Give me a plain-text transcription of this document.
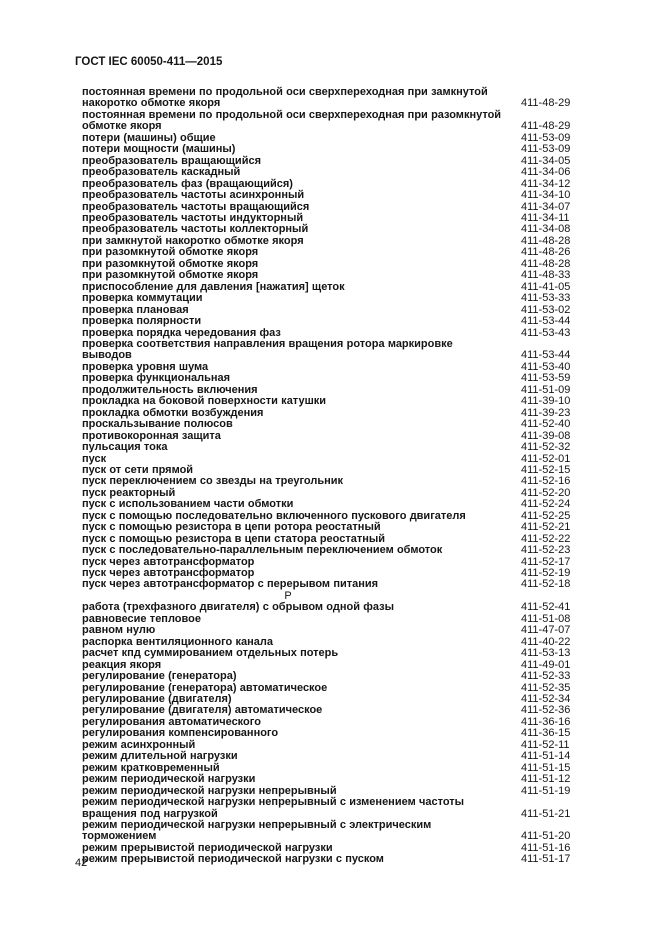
ГОСТ IEC 60050-411—2015
постоянная времени по продольной оси сверхпереходная при замкнутой накоротко обмотке якоря	411-48-29
постоянная времени по продольной оси сверхпереходная при разомкнутой обмотке якоря	411-48-29
потери (машины) общие	411-53-09
потери мощности (машины)	411-53-09
преобразователь вращающийся	411-34-05
преобразователь каскадный	411-34-06
преобразователь фаз (вращающийся)	411-34-12
преобразователь частоты асинхронный	411-34-10
преобразователь частоты вращающийся	411-34-07
преобразователь частоты индукторный	411-34-11
преобразователь частоты коллекторный	411-34-08
при замкнутой накоротко обмотке якоря	411-48-28
при разомкнутой обмотке якоря	411-48-26
при разомкнутой обмотке якоря	411-48-28
при разомкнутой обмотке якоря	411-48-33
приспособление для давления [нажатия] щеток	411-41-05
проверка коммутации	411-53-33
проверка плановая	411-53-02
проверка полярности	411-53-44
проверка порядка чередования фаз	411-53-43
проверка соответствия направления вращения ротора маркировке выводов	411-53-44
проверка уровня шума	411-53-40
проверка функциональная	411-53-59
продолжительность включения	411-51-09
прокладка на боковой поверхности катушки	411-39-10
прокладка обмотки возбуждения	411-39-23
проскальзывание полюсов	411-52-40
противокоронная защита	411-39-08
пульсация тока	411-52-32
пуск	411-52-01
пуск от сети прямой	411-52-15
пуск переключением со звезды на треугольник	411-52-16
пуск реакторный	411-52-20
пуск с использованием части обмотки	411-52-24
пуск с помощью последовательно включенного пускового двигателя	411-52-25
пуск с помощью резистора в цепи ротора реостатный	411-52-21
пуск с помощью резистора в цепи статора реостатный	411-52-22
пуск с последовательно-параллельным переключением обмоток	411-52-23
пуск через автотрансформатор	411-52-17
пуск через автотрансформатор	411-52-19
пуск через автотрансформатор с перерывом питания	411-52-18
Р
работа (трехфазного двигателя) с обрывом одной фазы	411-52-41
равновесие тепловое	411-51-08
равном нулю	411-47-07
распорка вентиляционного канала	411-40-22
расчет кпд суммированием отдельных потерь	411-53-13
реакция якоря	411-49-01
регулирование (генератора)	411-52-33
регулирование (генератора) автоматическое	411-52-35
регулирование (двигателя)	411-52-34
регулирование (двигателя) автоматическое	411-52-36
регулирования автоматического	411-36-16
регулирования компенсированного	411-36-15
режим асинхронный	411-52-11
режим длительной нагрузки	411-51-14
режим кратковременный	411-51-15
режим периодической нагрузки	411-51-12
режим периодической нагрузки непрерывный	411-51-19
режим периодической нагрузки непрерывный с изменением частоты вращения под нагрузкой	411-51-21
режим периодической нагрузки непрерывный с электрическим торможением	411-51-20
режим прерывистой периодической нагрузки	411-51-16
режим прерывистой периодической нагрузки с пуском	411-51-17
42
